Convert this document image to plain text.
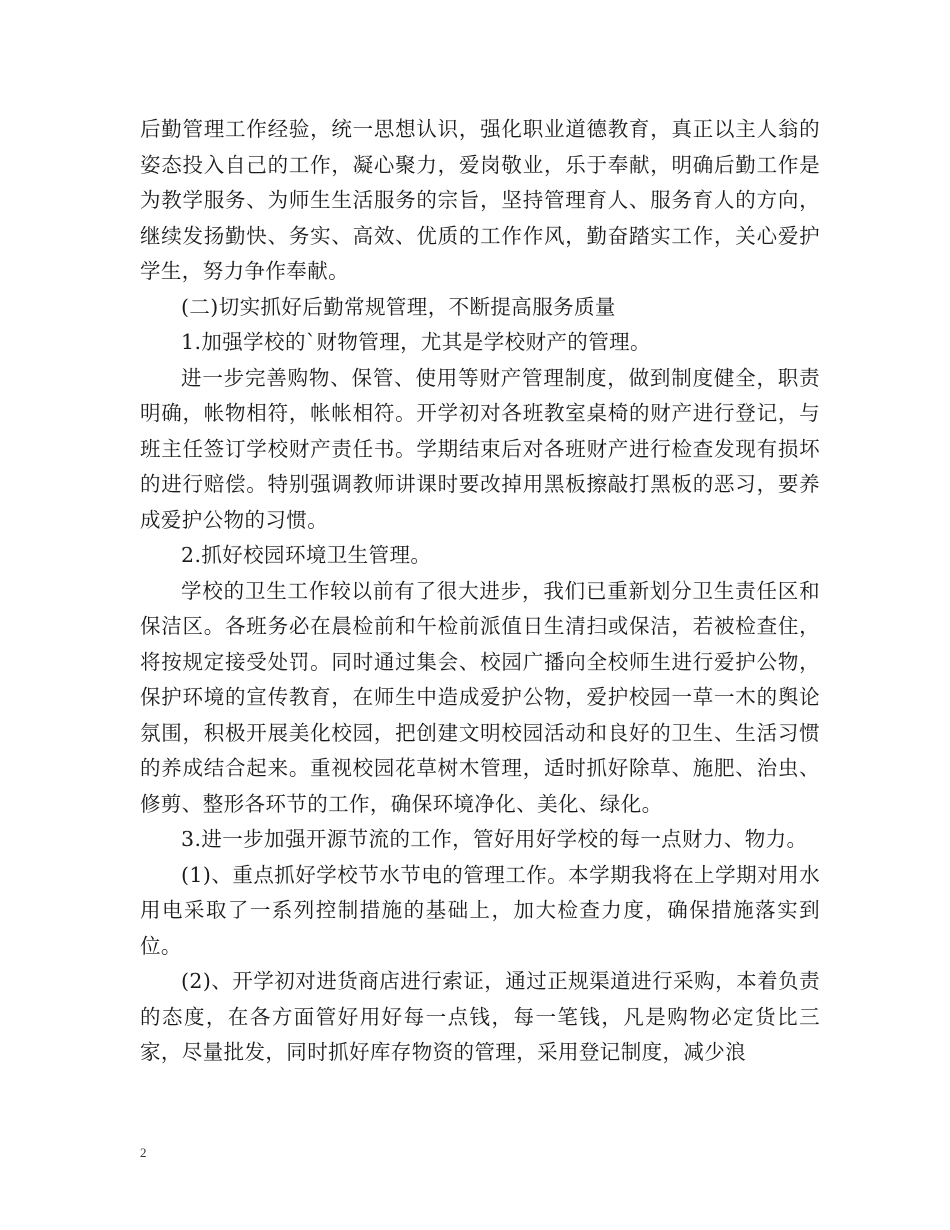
后勤管理工作经验，统一思想认识，强化职业道德教育，真正以主人翁的姿态投入自己的工作，凝心聚力，爱岗敬业，乐于奉献，明确后勤工作是为教学服务、为师生生活服务的宗旨，坚持管理育人、服务育人的方向，继续发扬勤快、务实、高效、优质的工作作风，勤奋踏实工作，关心爱护学生，努力争作奉献。

(二)切实抓好后勤常规管理，不断提高服务质量

1.加强学校的`财物管理，尤其是学校财产的管理。

进一步完善购物、保管、使用等财产管理制度，做到制度健全，职责明确，帐物相符，帐帐相符。开学初对各班教室桌椅的财产进行登记，与班主任签订学校财产责任书。学期结束后对各班财产进行检查发现有损坏的进行赔偿。特别强调教师讲课时要改掉用黑板擦敲打黑板的恶习，要养成爱护公物的习惯。

2.抓好校园环境卫生管理。

学校的卫生工作较以前有了很大进步，我们已重新划分卫生责任区和保洁区。各班务必在晨检前和午检前派值日生清扫或保洁，若被检查住，将按规定接受处罚。同时通过集会、校园广播向全校师生进行爱护公物，保护环境的宣传教育，在师生中造成爱护公物，爱护校园一草一木的舆论氛围，积极开展美化校园，把创建文明校园活动和良好的卫生、生活习惯的养成结合起来。重视校园花草树木管理，适时抓好除草、施肥、治虫、修剪、整形各环节的工作，确保环境净化、美化、绿化。

3.进一步加强开源节流的工作，管好用好学校的每一点财力、物力。

(1)、重点抓好学校节水节电的管理工作。本学期我将在上学期对用水用电采取了一系列控制措施的基础上，加大检查力度，确保措施落实到位。

(2)、开学初对进货商店进行索证，通过正规渠道进行采购，本着负责的态度，在各方面管好用好每一点钱，每一笔钱，凡是购物必定货比三家，尽量批发，同时抓好库存物资的管理，采用登记制度，减少浪

2
